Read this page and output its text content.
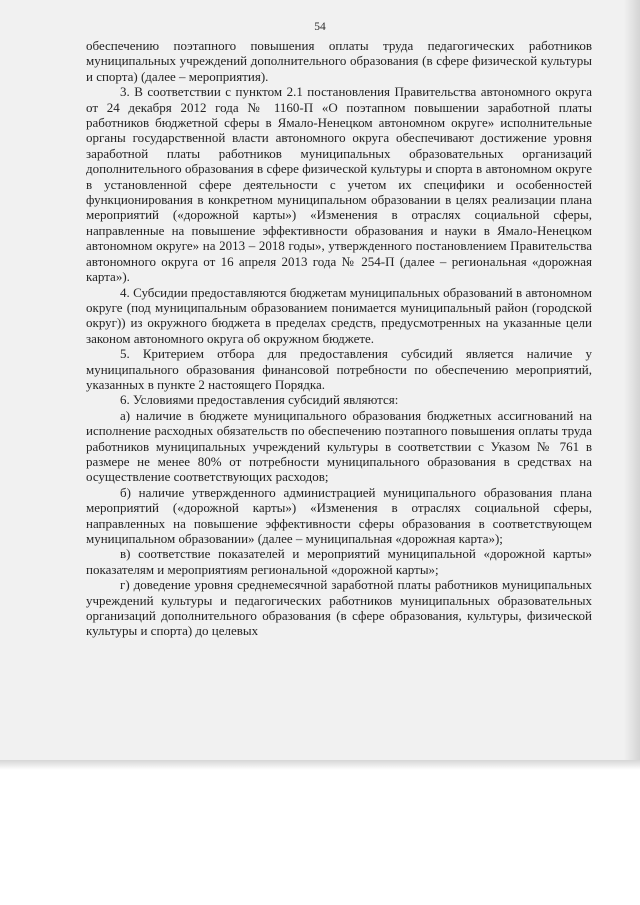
54

обеспечению поэтапного повышения оплаты труда педагогических работников муниципальных учреждений дополнительного образования (в сфере физической культуры и спорта) (далее – мероприятия).

3. В соответствии с пунктом 2.1 постановления Правительства автономного округа от 24 декабря 2012 года № 1160-П «О поэтапном повышении заработной платы работников бюджетной сферы в Ямало-Ненецком автономном округе» исполнительные органы государственной власти автономного округа обеспечивают достижение уровня заработной платы работников муниципальных образовательных организаций дополнительного образования в сфере физической культуры и спорта в автономном округе в установленной сфере деятельности с учетом их специфики и особенностей функционирования в конкретном муниципальном образовании в целях реализации плана мероприятий («дорожной карты») «Изменения в отраслях социальной сферы, направленные на повышение эффективности образования и науки в Ямало-Ненецком автономном округе» на 2013 – 2018 годы», утвержденного постановлением Правительства автономного округа от 16 апреля 2013 года № 254-П (далее – региональная «дорожная карта»).

4. Субсидии предоставляются бюджетам муниципальных образований в автономном округе (под муниципальным образованием понимается муниципальный район (городской округ)) из окружного бюджета в пределах средств, предусмотренных на указанные цели законом автономного округа об окружном бюджете.

5. Критерием отбора для предоставления субсидий является наличие у муниципального образования финансовой потребности по обеспечению мероприятий, указанных в пункте 2 настоящего Порядка.

6. Условиями предоставления субсидий являются:

а) наличие в бюджете муниципального образования бюджетных ассигнований на исполнение расходных обязательств по обеспечению поэтапного повышения оплаты труда работников муниципальных учреждений культуры в соответствии с Указом № 761 в размере не менее 80% от потребности муниципального образования в средствах на осуществление соответствующих расходов;

б) наличие утвержденного администрацией муниципального образования плана мероприятий («дорожной карты») «Изменения в отраслях социальной сферы, направленных на повышение эффективности сферы образования в соответствующем муниципальном образовании» (далее – муниципальная «дорожная карта»);

в) соответствие показателей и мероприятий муниципальной «дорожной карты» показателям и мероприятиям региональной «дорожной карты»;

г) доведение уровня среднемесячной заработной платы работников муниципальных учреждений культуры и педагогических работников муниципальных образовательных организаций дополнительного образования (в сфере образования, культуры, физической культуры и спорта) до целевых
